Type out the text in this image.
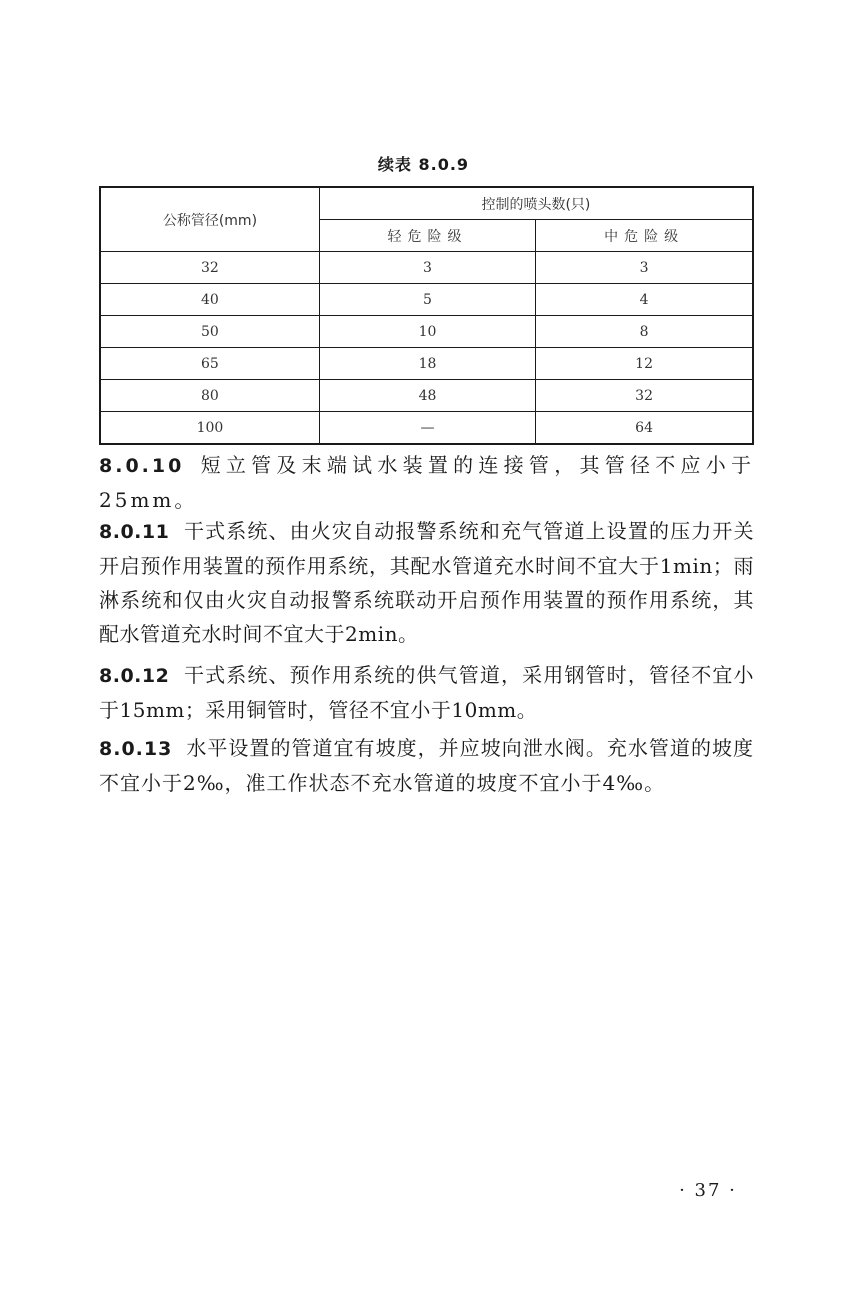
续表 8.0.9
公称管径(mm)	控制的喷头数(只)	
	轻危险级	中危险级
32	3	3
40	5	4
50	10	8
65	18	12
80	48	32
100	—	64
8.0.10 短立管及末端试水装置的连接管，其管径不应小于25mm。
8.0.11 干式系统、由火灾自动报警系统和充气管道上设置的压力开关开启预作用装置的预作用系统，其配水管道充水时间不宜大于1min；雨淋系统和仅由火灾自动报警系统联动开启预作用装置的预作用系统，其配水管道充水时间不宜大于2min。
8.0.12 干式系统、预作用系统的供气管道，采用钢管时，管径不宜小于15mm；采用铜管时，管径不宜小于10mm。
8.0.13 水平设置的管道宜有坡度，并应坡向泄水阀。充水管道的坡度不宜小于2‰，准工作状态不充水管道的坡度不宜小于4‰。
· 37 ·
